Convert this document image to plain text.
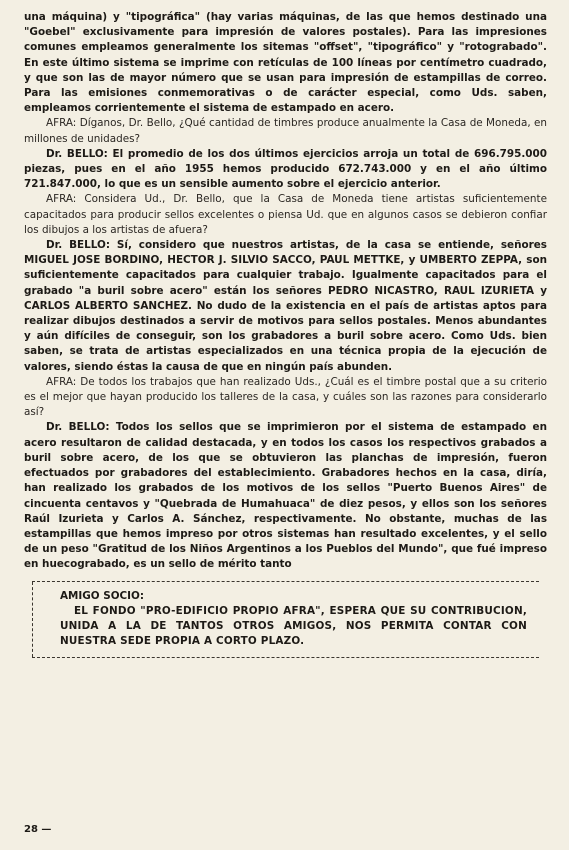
una máquina) y "tipográfica" (hay varias máquinas, de las que hemos destinado una "Goebel" exclusivamente para impresión de valores postales). Para las impresiones comunes empleamos generalmente los sitemas "offset", "tipográfico" y "rotograbado". En este último sistema se imprime con retículas de 100 líneas por centímetro cuadrado, y que son las de mayor número que se usan para impresión de estampillas de correo. Para las emisiones conmemorativas o de carácter especial, como Uds. saben, empleamos corrientemente el sistema de estampado en acero.

AFRA: Díganos, Dr. Bello, ¿Qué cantidad de timbres produce anualmente la Casa de Moneda, en millones de unidades?

Dr. BELLO: El promedio de los dos últimos ejercicios arroja un total de 696.795.000 piezas, pues en el año 1955 hemos producido 672.743.000 y en el año último 721.847.000, lo que es un sensible aumento sobre el ejercicio anterior.

AFRA: Considera Ud., Dr. Bello, que la Casa de Moneda tiene artistas suficientemente capacitados para producir sellos excelentes o piensa Ud. que en algunos casos se debieron confiar los dibujos a los artistas de afuera?

Dr. BELLO: Sí, considero que nuestros artistas, de la casa se entiende, señores MIGUEL JOSE BORDINO, HECTOR J. SILVIO SACCO, PAUL METTKE, y UMBERTO ZEPPA, son suficientemente capacitados para cualquier trabajo. Igualmente capacitados para el grabado "a buril sobre acero" están los señores PEDRO NICASTRO, RAUL IZURIETA y CARLOS ALBERTO SANCHEZ. No dudo de la existencia en el país de artistas aptos para realizar dibujos destinados a servir de motivos para sellos postales. Menos abundantes y aún difíciles de conseguir, son los grabadores a buril sobre acero. Como Uds. bien saben, se trata de artistas especializados en una técnica propia de la ejecución de valores, siendo éstas la causa de que en ningún país abunden.

AFRA: De todos los trabajos que han realizado Uds., ¿Cuál es el timbre postal que a su criterio es el mejor que hayan producido los talleres de la casa, y cuáles son las razones para considerarlo así?

Dr. BELLO: Todos los sellos que se imprimieron por el sistema de estampado en acero resultaron de calidad destacada, y en todos los casos los respectivos grabados a buril sobre acero, de los que se obtuvieron las planchas de impresión, fueron efectuados por grabadores del establecimiento. Grabadores hechos en la casa, diría, han realizado los grabados de los motivos de los sellos "Puerto Buenos Aires" de cincuenta centavos y "Quebrada de Humahuaca" de diez pesos, y ellos son los señores Raúl Izurieta y Carlos A. Sánchez, respectivamente. No obstante, muchas de las estampillas que hemos impreso por otros sistemas han resultado excelentes, y el sello de un peso "Gratitud de los Niños Argentinos a los Pueblos del Mundo", que fué impreso en huecograbado, es un sello de mérito tanto

AMIGO SOCIO:

EL FONDO "PRO-EDIFICIO PROPIO AFRA", ESPERA QUE SU CONTRIBUCION, UNIDA A LA DE TANTOS OTROS AMIGOS, NOS PERMITA CONTAR CON NUESTRA SEDE PROPIA A CORTO PLAZO.

28 —
